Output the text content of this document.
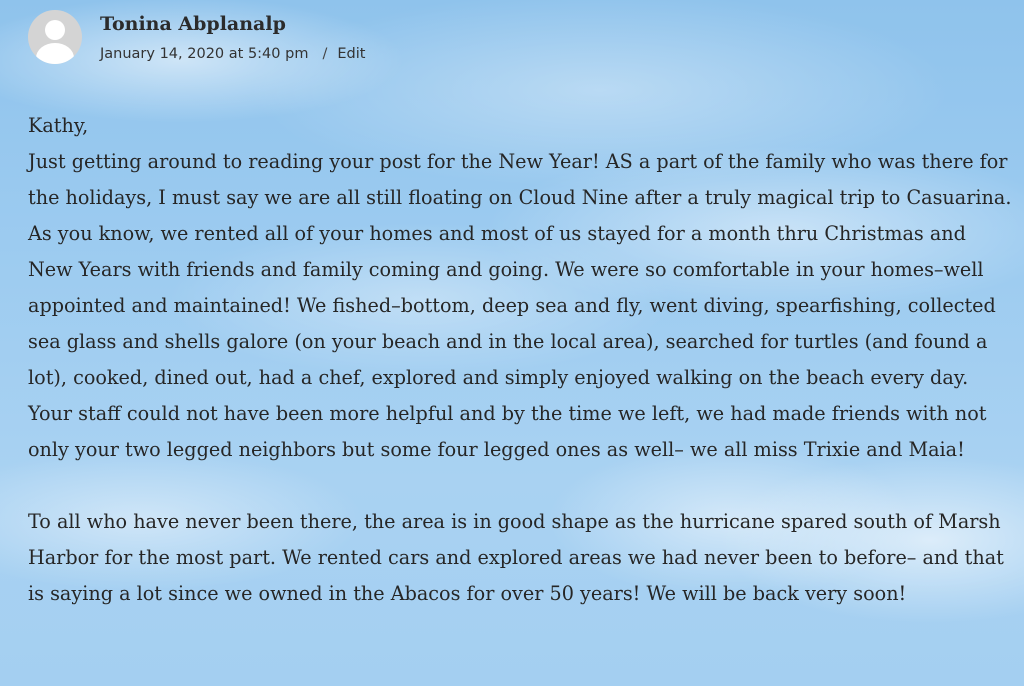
Tonina Abplanalp
January 14, 2020 at 5:40 pm / Edit

Kathy,

Just getting around to reading your post for the New Year! AS a part of the family who was there for the holidays, I must say we are all still floating on Cloud Nine after a truly magical trip to Casuarina. As you know, we rented all of your homes and most of us stayed for a month thru Christmas and New Years with friends and family coming and going. We were so comfortable in your homes–well appointed and maintained! We fished–bottom, deep sea and fly, went diving, spearfishing, collected sea glass and shells galore (on your beach and in the local area), searched for turtles (and found a lot), cooked, dined out, had a chef, explored and simply enjoyed walking on the beach every day. Your staff could not have been more helpful and by the time we left, we had made friends with not only your two legged neighbors but some four legged ones as well– we all miss Trixie and Maia!

To all who have never been there, the area is in good shape as the hurricane spared south of Marsh Harbor for the most part. We rented cars and explored areas we had never been to before– and that is saying a lot since we owned in the Abacos for over 50 years! We will be back very soon!
